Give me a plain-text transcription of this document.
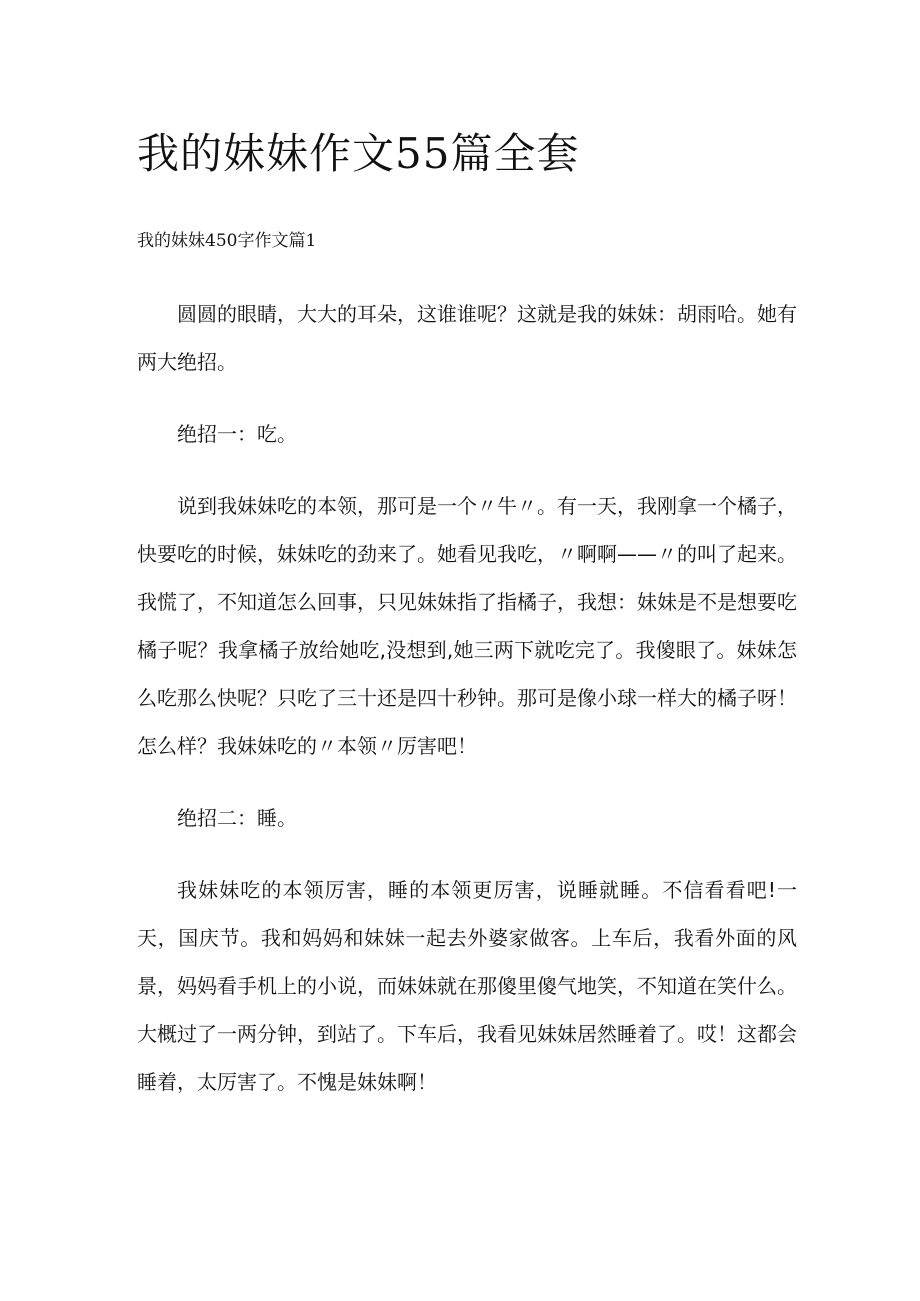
我的妹妹作文55篇全套

我的妹妹450字作文篇1

圆圆的眼睛，大大的耳朵，这谁谁呢？这就是我的妹妹：胡雨哈。她有两大绝招。

绝招一：吃。

说到我妹妹吃的本领，那可是一个〃牛〃。有一天，我刚拿一个橘子，快要吃的时候，妹妹吃的劲来了。她看见我吃，〃啊啊——〃的叫了起来。我慌了，不知道怎么回事，只见妹妹指了指橘子，我想：妹妹是不是想要吃橘子呢？我拿橘子放给她吃,没想到,她三两下就吃完了。我傻眼了。妹妹怎么吃那么快呢？只吃了三十还是四十秒钟。那可是像小球一样大的橘子呀！怎么样？我妹妹吃的〃本领〃厉害吧！

绝招二：睡。

我妹妹吃的本领厉害，睡的本领更厉害，说睡就睡。不信看看吧!一天，国庆节。我和妈妈和妹妹一起去外婆家做客。上车后，我看外面的风景，妈妈看手机上的小说，而妹妹就在那傻里傻气地笑，不知道在笑什么。大概过了一两分钟，到站了。下车后，我看见妹妹居然睡着了。哎！这都会睡着，太厉害了。不愧是妹妹啊！
